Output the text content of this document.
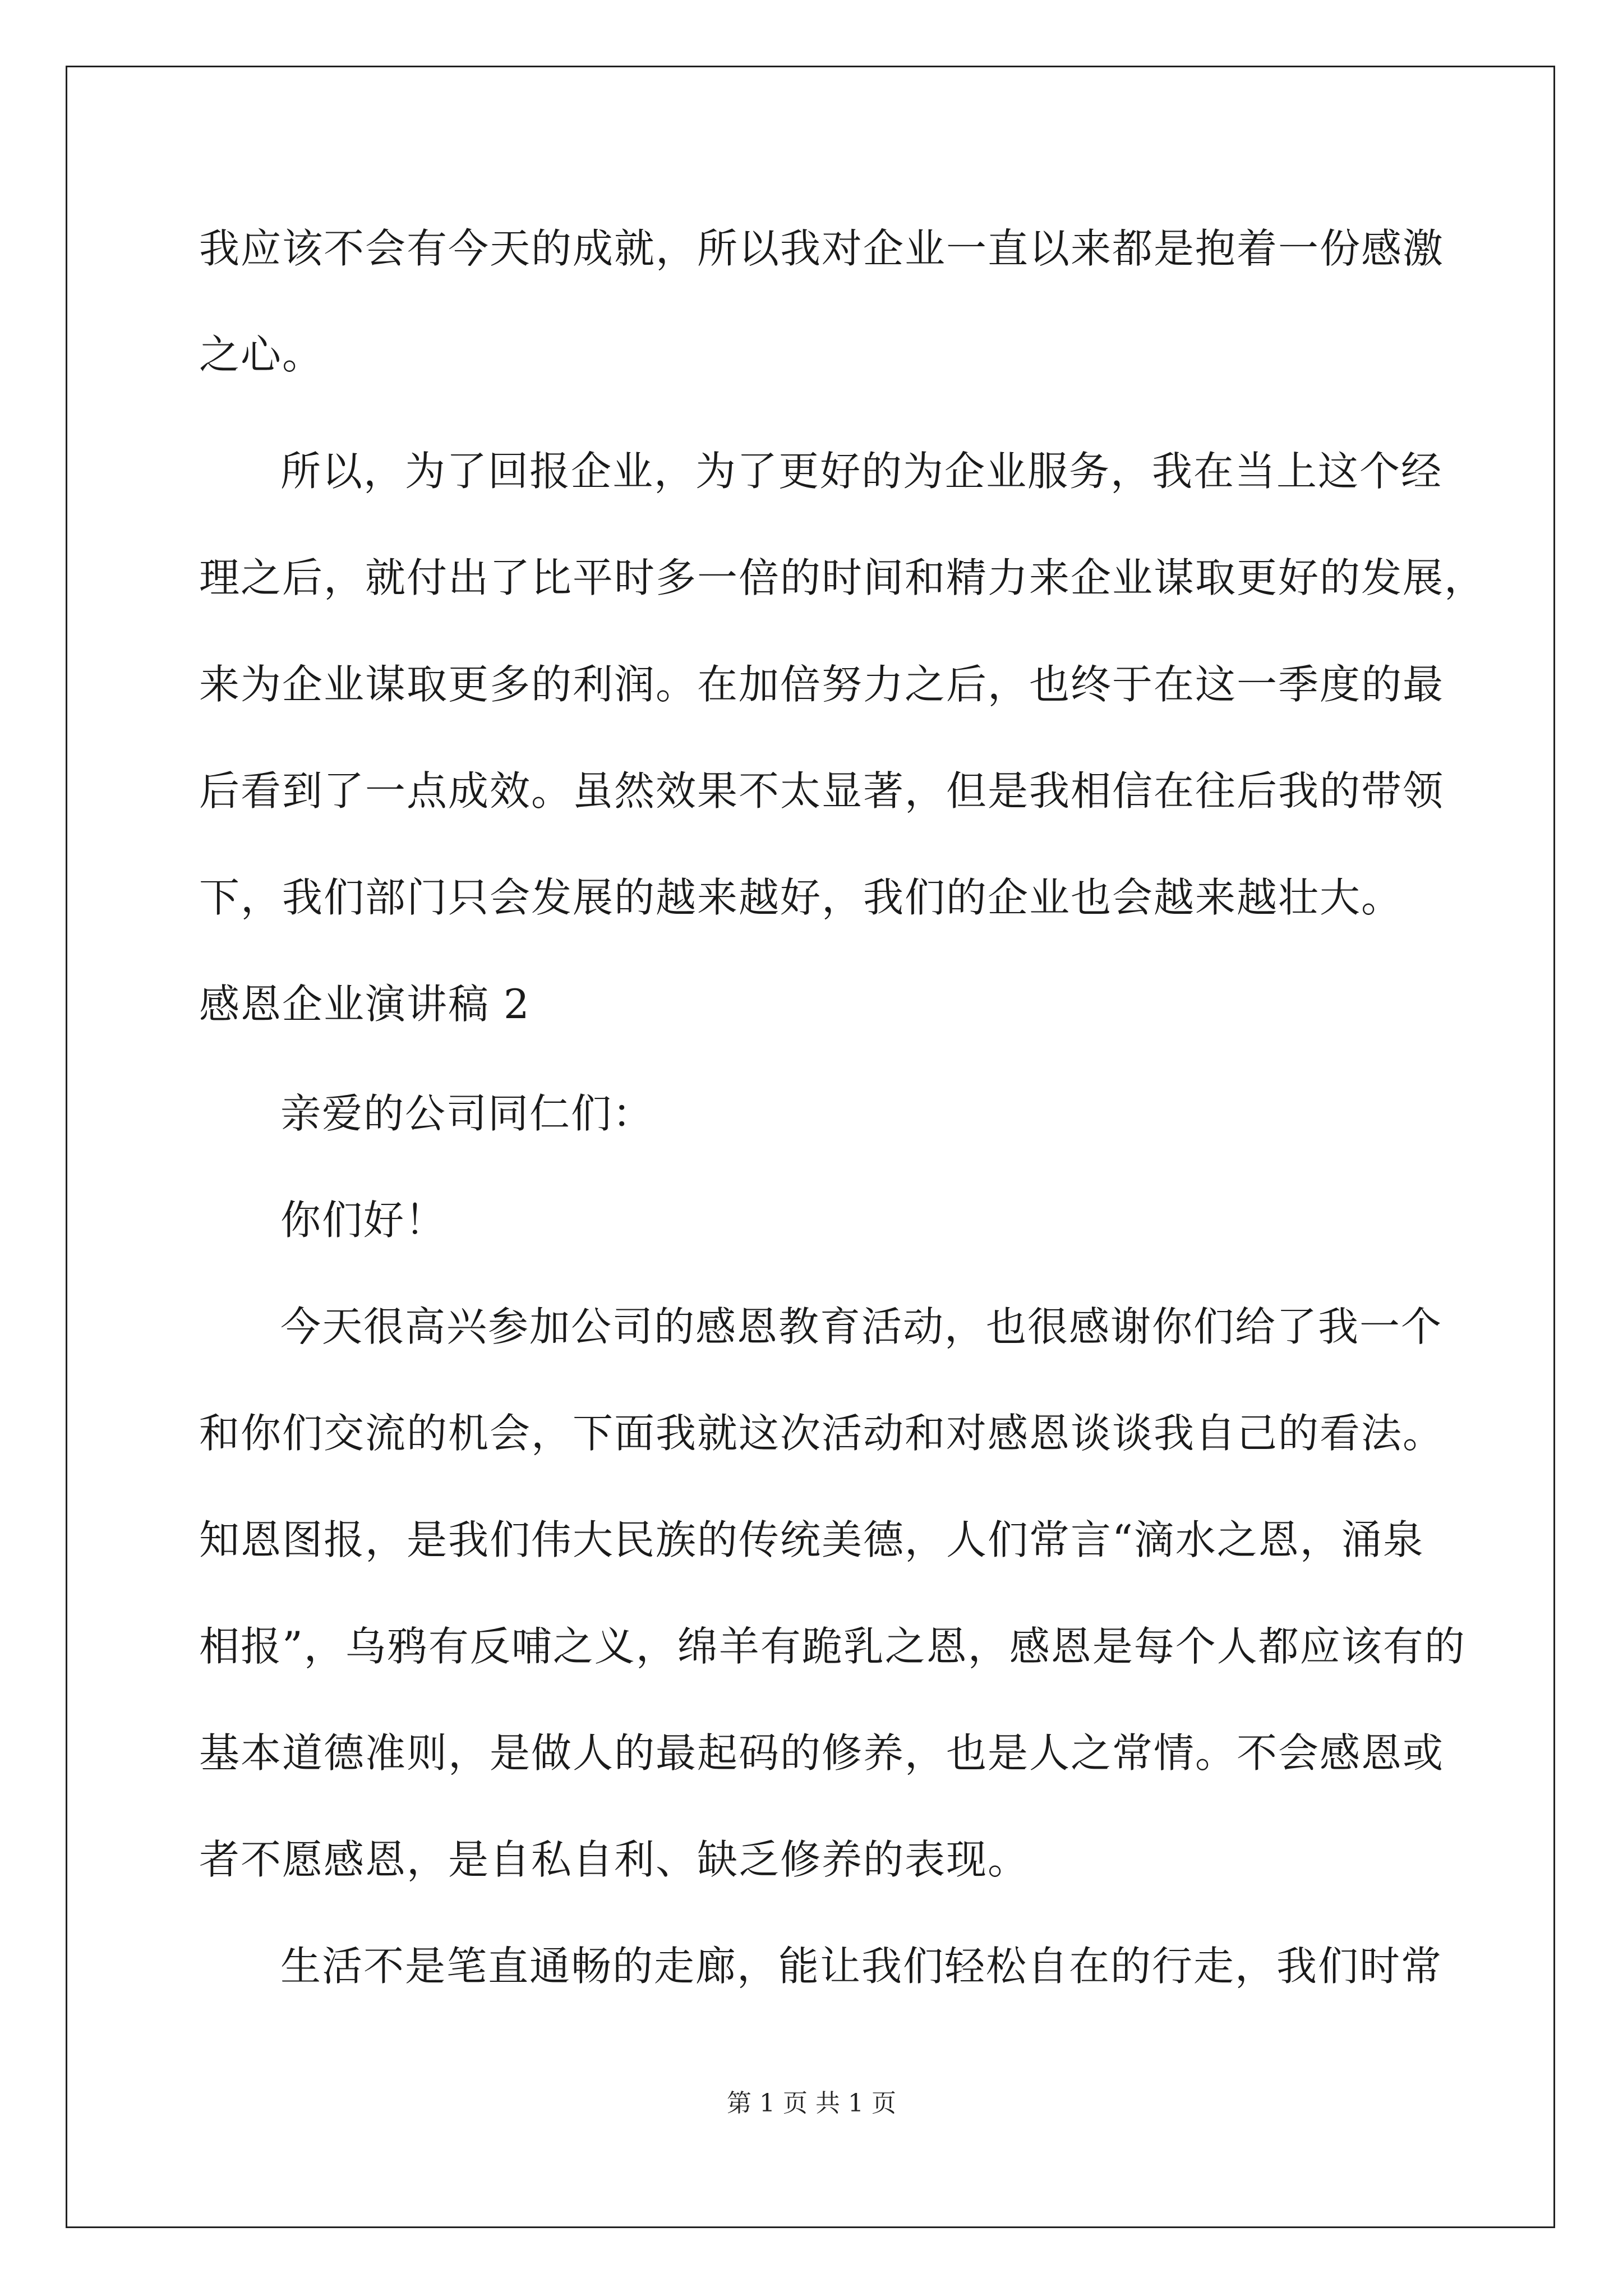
我应该不会有今天的成就，所以我对企业一直以来都是抱着一份感激
之心。
所以，为了回报企业，为了更好的为企业服务，我在当上这个经
理之后，就付出了比平时多一倍的时间和精力来企业谋取更好的发展，
来为企业谋取更多的利润。在加倍努力之后，也终于在这一季度的最
后看到了一点成效。虽然效果不太显著，但是我相信在往后我的带领
下，我们部门只会发展的越来越好，我们的企业也会越来越壮大。
感恩企业演讲稿 2
亲爱的公司同仁们：
你们好！
今天很高兴参加公司的感恩教育活动，也很感谢你们给了我一个
和你们交流的机会，下面我就这次活动和对感恩谈谈我自己的看法。
知恩图报，是我们伟大民族的传统美德，人们常言“滴水之恩，涌泉
相报”，乌鸦有反哺之义，绵羊有跪乳之恩，感恩是每个人都应该有的
基本道德准则，是做人的最起码的修养，也是人之常情。不会感恩或
者不愿感恩，是自私自利、缺乏修养的表现。
生活不是笔直通畅的走廊，能让我们轻松自在的行走，我们时常
第 1 页 共 1 页
